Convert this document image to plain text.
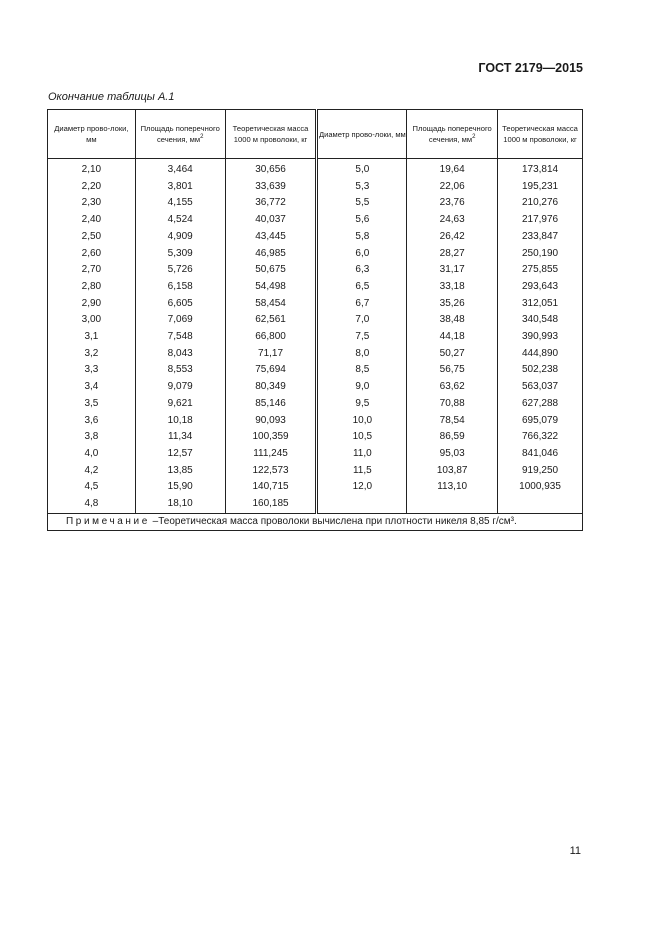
ГОСТ 2179—2015
Окончание таблицы А.1
Диаметр прово-локи, мм	Площадь поперечного сечения, $мм^2$	Теоретическая масса 1000 м проволоки, кг	Диаметр прово-локи, мм	Площадь поперечного сечения, $мм^2$	Теоретическая масса 1000 м проволоки, кг
2,10	3,464	30,656	5,0	19,64	173,814
2,20	3,801	33,639	5,3	22,06	195,231
2,30	4,155	36,772	5,5	23,76	210,276
2,40	4,524	40,037	5,6	24,63	217,976
2,50	4,909	43,445	5,8	26,42	233,847
2,60	5,309	46,985	6,0	28,27	250,190
2,70	5,726	50,675	6,3	31,17	275,855
2,80	6,158	54,498	6,5	33,18	293,643
2,90	6,605	58,454	6,7	35,26	312,051
3,00	7,069	62,561	7,0	38,48	340,548
3,1	7,548	66,800	7,5	44,18	390,993
3,2	8,043	71,17	8,0	50,27	444,890
3,3	8,553	75,694	8,5	56,75	502,238
3,4	9,079	80,349	9,0	63,62	563,037
3,5	9,621	85,146	9,5	70,88	627,288
3,6	10,18	90,093	10,0	78,54	695,079
3,8	11,34	100,359	10,5	86,59	766,322
4,0	12,57	111,245	11,0	95,03	841,046
4,2	13,85	122,573	11,5	103,87	919,250
4,5	15,90	140,715	12,0	113,10	1000,935
4,8	18,10	160,185			
Примечание –Теоретическая масса проволоки вычислена при плотности никеля 8,85 г/см³.					
11
